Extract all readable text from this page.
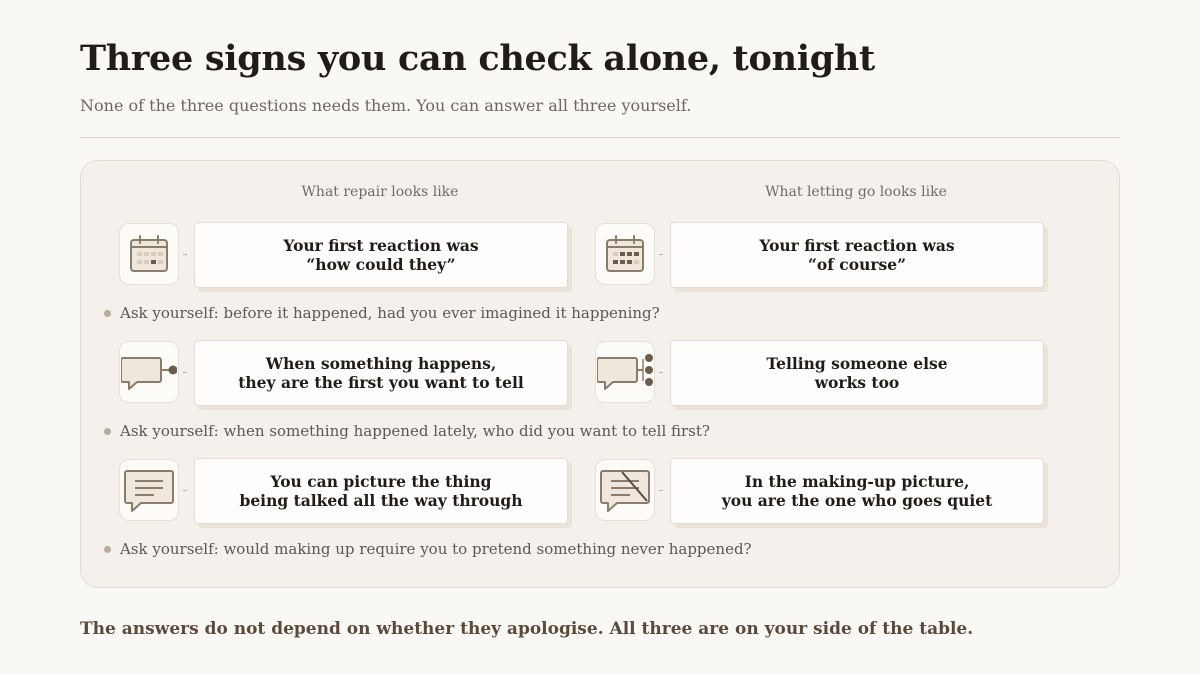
Three signs you can check alone, tonight
None of the three questions needs them. You can answer all three yourself.
What repair looks like	What letting go looks like
Your first reaction was
“how could they”
Your first reaction was
“of course”
Ask yourself: before it happened, had you ever imagined it happening?
When something happens,
they are the first you want to tell
Telling someone else
works too
Ask yourself: when something happened lately, who did you want to tell first?
You can picture the thing
being talked all the way through
In the making-up picture,
you are the one who goes quiet
Ask yourself: would making up require you to pretend something never happened?
The answers do not depend on whether they apologise. All three are on your side of the table.
